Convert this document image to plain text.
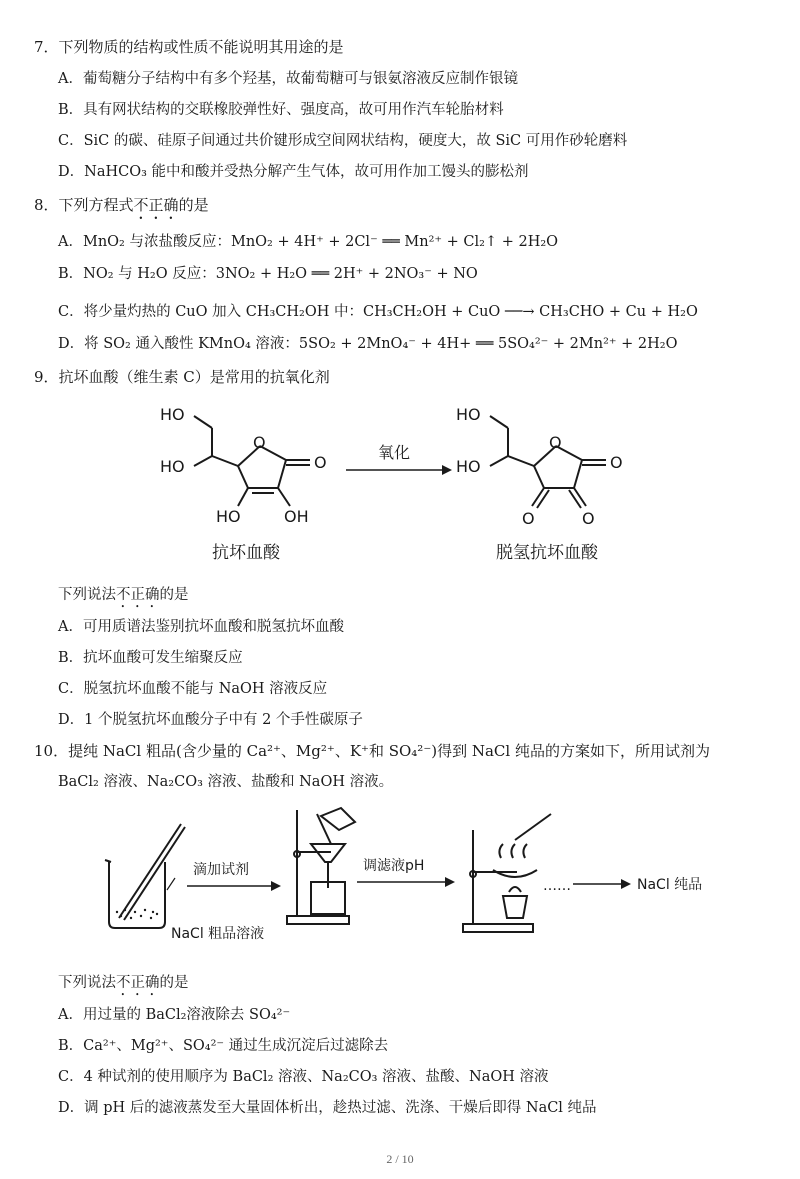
7．下列物质的结构或性质不能说明其用途的是
A．葡萄糖分子结构中有多个羟基，故葡萄糖可与银氨溶液反应制作银镜
B．具有网状结构的交联橡胶弹性好、强度高，故可用作汽车轮胎材料
C．SiC 的碳、硅原子间通过共价键形成空间网状结构，硬度大，故 SiC 可用作砂轮磨料
D．NaHCO₃ 能中和酸并受热分解产生气体，故可用作加工馒头的膨松剂
8．下列方程式不正确的是
A．MnO₂ 与浓盐酸反应：MnO₂ + 4H⁺ + 2Cl⁻ ══ Mn²⁺ + Cl₂↑ + 2H₂O
B．NO₂ 与 H₂O 反应：3NO₂ + H₂O ══ 2H⁺ + 2NO₃⁻ + NO
C．将少量灼热的 CuO 加入 CH₃CH₂OH 中：CH₃CH₂OH + CuO ──→ CH₃CHO + Cu + H₂O
D．将 SO₂ 通入酸性 KMnO₄ 溶液：5SO₂ + 2MnO₄⁻ + 4H+ ══ 5SO₄²⁻ + 2Mn²⁺ + 2H₂O
9．抗坏血酸（维生素 C）是常用的抗氧化剂
HO
HO
O
O
HO	OH
抗坏血酸
氧化
HO
HO
O
O
O	O
脱氢抗坏血酸
下列说法不正确的是
A．可用质谱法鉴别抗坏血酸和脱氢抗坏血酸
B．抗坏血酸可发生缩聚反应
C．脱氢抗坏血酸不能与 NaOH 溶液反应
D．1 个脱氢抗坏血酸分子中有 2 个手性碳原子
10．提纯 NaCl 粗品(含少量的 Ca²⁺、Mg²⁺、K⁺和 SO₄²⁻)得到 NaCl 纯品的方案如下，所用试剂为
BaCl₂ 溶液、Na₂CO₃ 溶液、盐酸和 NaOH 溶液。
NaCl 粗品溶液
滴加试剂	调滤液pH
……	NaCl 纯品
下列说法不正确的是
A．用过量的 BaCl₂溶液除去 SO₄²⁻
B．Ca²⁺、Mg²⁺、SO₄²⁻ 通过生成沉淀后过滤除去
C．4 种试剂的使用顺序为 BaCl₂ 溶液、Na₂CO₃ 溶液、盐酸、NaOH 溶液
D．调 pH 后的滤液蒸发至大量固体析出，趁热过滤、洗涤、干燥后即得 NaCl 纯品
2 / 10
